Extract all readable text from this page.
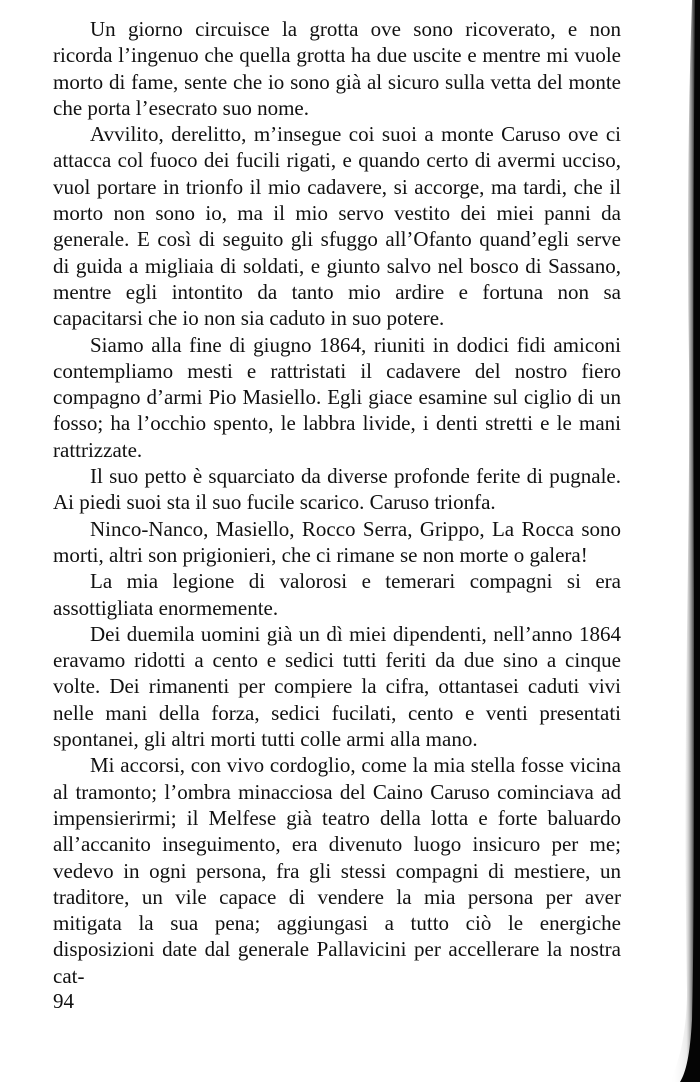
Un giorno circuisce la grotta ove sono ricoverato, e non ricorda l’ingenuo che quella grotta ha due uscite e mentre mi vuole morto di fame, sente che io sono già al sicuro sulla vetta del monte che porta l’esecrato suo nome.

Avvilito, derelitto, m’insegue coi suoi a monte Caruso ove ci attacca col fuoco dei fucili rigati, e quando certo di avermi ucciso, vuol portare in trionfo il mio cadavere, si accorge, ma tardi, che il morto non sono io, ma il mio servo vestito dei miei panni da generale. E così di seguito gli sfuggo all’Ofanto quand’egli serve di guida a migliaia di soldati, e giunto salvo nel bosco di Sassano, mentre egli intontito da tanto mio ardire e fortuna non sa capacitarsi che io non sia caduto in suo potere.

Siamo alla fine di giugno 1864, riuniti in dodici fidi amiconi contempliamo mesti e rattristati il cadavere del nostro fiero compagno d’armi Pio Masiello. Egli giace esamine sul ciglio di un fosso; ha l’occhio spento, le labbra livide, i denti stretti e le mani rattrizzate.

Il suo petto è squarciato da diverse profonde ferite di pugnale. Ai piedi suoi sta il suo fucile scarico. Caruso trionfa.

Ninco-Nanco, Masiello, Rocco Serra, Grippo, La Rocca sono morti, altri son prigionieri, che ci rimane se non morte o galera!

La mia legione di valorosi e temerari compagni si era assottigliata enormemente.

Dei duemila uomini già un dì miei dipendenti, nell’anno 1864 eravamo ridotti a cento e sedici tutti feriti da due sino a cinque volte. Dei rimanenti per compiere la cifra, ottantasei caduti vivi nelle mani della forza, sedici fucilati, cento e venti presentati spontanei, gli altri morti tutti colle armi alla mano.

Mi accorsi, con vivo cordoglio, come la mia stella fosse vicina al tramonto; l’ombra minacciosa del Caino Caruso cominciava ad impensierirmi; il Melfese già teatro della lotta e forte baluardo all’accanito inseguimento, era divenuto luogo insicuro per me; vedevo in ogni persona, fra gli stessi compagni di mestiere, un traditore, un vile capace di vendere la mia persona per aver mitigata la sua pena; aggiungasi a tutto ciò le energiche disposizioni date dal generale Pallavicini per accellerare la nostra cat-

94
